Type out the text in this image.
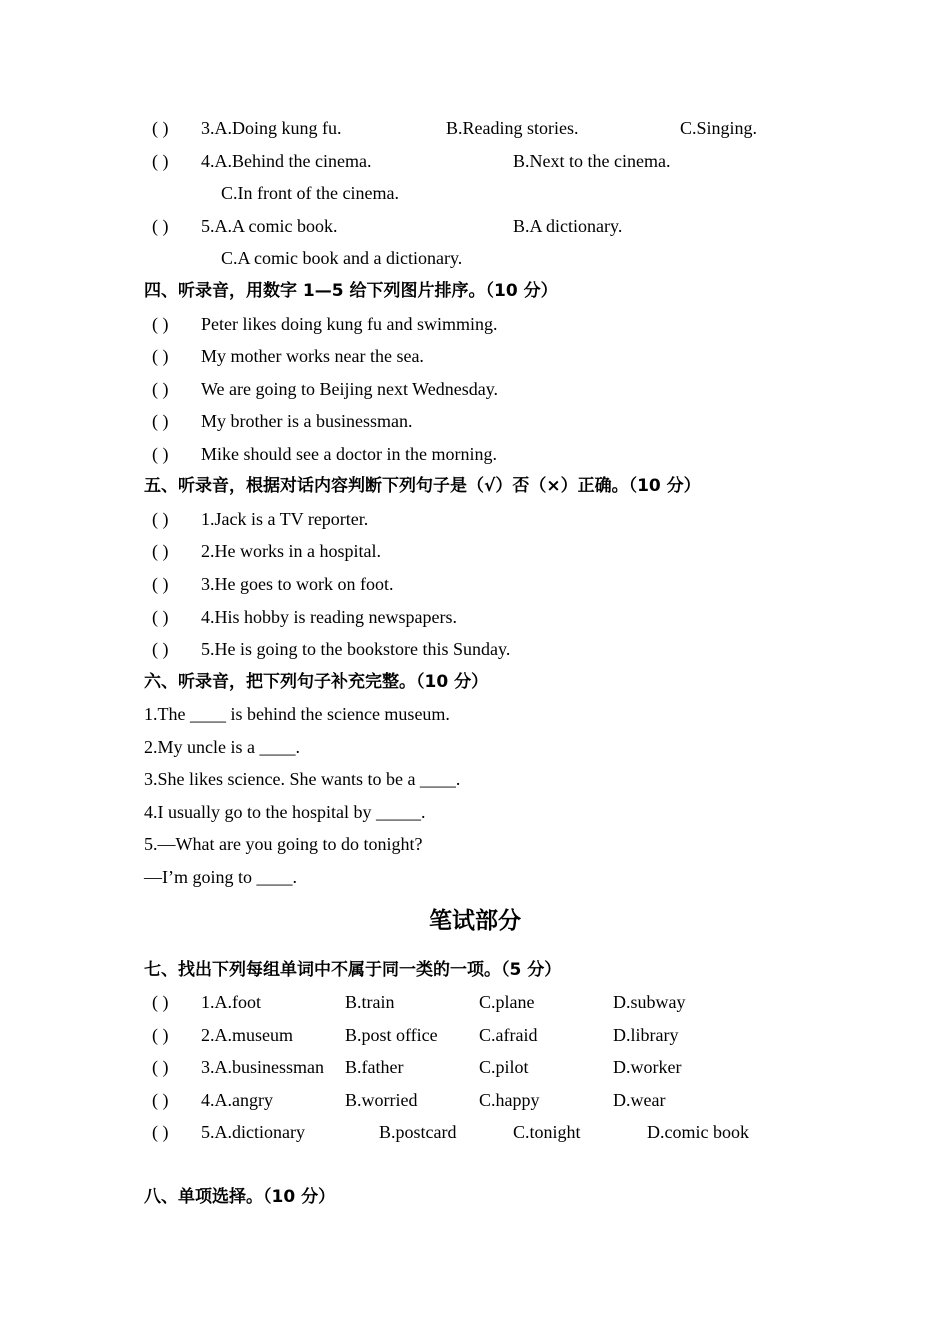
( ) 3.A.Doing kung fu.	B.Reading stories.	C.Singing.
( ) 4.A.Behind the cinema.	B.Next to the cinema.
C.In front of the cinema.
( ) 5.A.A comic book.	B.A dictionary.
C.A comic book and a dictionary.
四、听录音，用数字 1—5 给下列图片排序。（10 分）
( ) Peter likes doing kung fu and swimming.
( ) My mother works near the sea.
( ) We are going to Beijing next Wednesday.
( ) My brother is a businessman.
( ) Mike should see a doctor in the morning.
五、听录音，根据对话内容判断下列句子是（√）否（×）正确。（10 分）
( ) 1.Jack is a TV reporter.
( ) 2.He works in a hospital.
( ) 3.He goes to work on foot.
( ) 4.His hobby is reading newspapers.
( ) 5.He is going to the bookstore this Sunday.
六、听录音，把下列句子补充完整。（10 分）
1.The ____ is behind the science museum.
2.My uncle is a ____.
3.She likes science. She wants to be a ____.
4.I usually go to the hospital by _____.
5.—What are you going to do tonight?
—I’m going to ____.
笔试部分
七、找出下列每组单词中不属于同一类的一项。（5 分）
( ) 1.A.foot	B.train	C.plane	D.subway
( ) 2.A.museum	B.post office C.afraid	D.library
( ) 3.A.businessman B.father	C.pilot	D.worker
( ) 4.A.angry	B.worried	C.happy	D.wear
( ) 5.A.dictionary	B.postcard	C.tonight	D.comic book
八、单项选择。（10 分）
